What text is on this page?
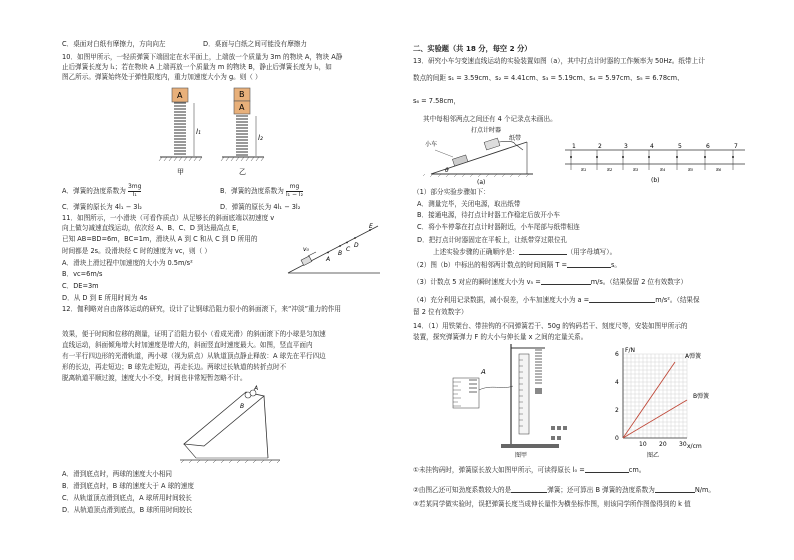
C．桌面对白纸有摩擦力，方向向左	D．桌面与白纸之间可能没有摩擦力
10．如图甲所示，一轻质弹簧下端固定在水平面上，上端放一个质量为 3m 的物块 A，物块 A静
止后弹簧长度为 l₁；若在物块 A 上端再放一个质量为 m 的物块 B，静止后弹簧长度为 l₂，如
图乙所示。弹簧始终处于弹性限度内，重力加速度大小为 g。则（ ）
A
l₁
甲
B
A
l₂
乙
A．弹簧的劲度系数为 $\frac{3mg}{\text{l₁}}$	B．弹簧的劲度系数为 $\frac{mg}{\text{l₁ − l₂}}$
C．弹簧的原长为 4l₁ − 3l₂	D．弹簧的原长为 4l₁ − 3l₂
11．如图所示，一小滑块（可看作质点）从足够长的斜面底端以初速度 v
向上做匀减速直线运动，依次经 A、B、C、D 到达最高点 E，
已知 AB=BD=6m，BC=1m，滑块从 A 到 C 和从 C 到 D 所用的
时间都是 2s。设滑块经 C 时的速度为 vc，则（ ）	v₀
A
B
C
D
E
A．滑块上滑过程中加速度的大小为 0.5m/s²
B．vc=6m/s
C．DE=3m
D．从 D 到 E 所用时间为 4s
12．伽利略对自由落体运动的研究，设计了让钢球沿阻力很小的斜面滚下，来“冲淡”重力的作用
效果，便于时间和位移的测量，证明了沿阻力很小（看成光滑）的斜面滚下的小球是匀加速
直线运动，斜面倾角增大时加速度是增大的，斜面竖直时速度最大。如图，竖直平面内
有一平行四边形的光滑轨道，两小球（视为质点）从轨道顶点静止释放：A 球先在平行四边
形的长边，再走短边；B 球先走短边，再走长边。两球过长轨道的转折点时不
脱离轨道平顺过渡，速度大小不变，时间也非常短暂忽略不计。
A
B
A．滑到底点时，两球的速度大小相同
B．滑到底点时，B 球的速度大于 A 球的速度
C．从轨道顶点滑到底点，A 球所用时间较长
D．从轨道顶点滑到底点，B 球所用时间较长
二、实验题（共 18 分，每空 2 分）
13．研究小车匀变速直线运动的实验装置如图（a），其中打点计时器的工作频率为 50Hz。纸带上计
数点的间距 s₁ = 3.59cm、s₂ = 4.41cm、s₃ = 5.19cm、s₄ = 5.97cm、s₅ = 6.78cm、
s₆ = 7.58cm，
其中每相邻两点之间还有 4 个记录点未画出。
打点计时器
纸带
小车
θ
(a)
1	2	3	4	5	6	7
s₁	s₂	s₃	s₄	s₅	s₆
(b)
（1）部分实验步骤如下：
A．测量完毕，关闭电源，取出纸带
B．接通电源，待打点计时器工作稳定后放开小车
C．将小车停靠在打点计时器附近，小车尾部与纸带相连
D．把打点计时器固定在平板上，让纸带穿过限位孔
上述实验步骤的正确顺序是：	（用字母填写）。
（2）图（b）中标出的相邻两计数点的时间间隔 T =	s。
（3）计数点 5 对应的瞬时速度大小为 v₅ =	m/s。（结果保留 2 位有效数字）
（4）充分利用记录数据，减小误差，小车加速度大小为 a =	m/s²。（结果保
留 2 位有效数字）
14．（1）用铁架台、带挂钩的不同弹簧若干、50g 的钩码若干、刻度尺等，安装如图甲所示的
装置，探究弹簧弹力 F 的大小与伸长量 x 之间的定量关系。
A
图甲
F/N
x/cm
0
2
4
6
10 20 30
A弹簧
B弹簧
图乙
①未挂钩码时，弹簧原长放大如图甲所示，可读得原长 l₀ =	cm。
②由图乙还可知劲度系数较大的是	弹簧；还可算出 B 弹簧的劲度系数为	N/m。
③若某同学做实验时，误把弹簧长度当成伸长量作为横坐标作图，则该同学所作图像得到的 k 值
